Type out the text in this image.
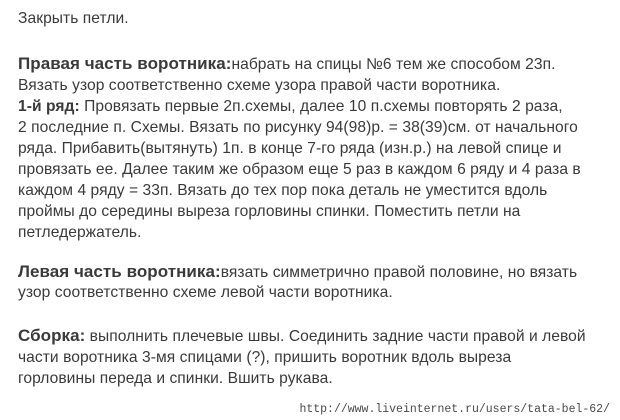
Закрыть петли.
Правая часть воротника:набрать на спицы №6 тем же способом 23п.
Вязать узор соответственно схеме узора правой части воротника.
1-й ряд: Провязать первые 2п.схемы, далее 10 п.схемы повторять 2 раза,
2 последние п. Схемы. Вязать по рисунку 94(98)р. = 38(39)см. от начального
ряда. Прибавить(вытянуть) 1п. в конце 7-го ряда (изн.р.) на левой спице и
провязать ее. Далее таким же образом еще 5 раз в каждом 6 ряду и 4 раза в
каждом 4 ряду = 33п. Вязать до тех пор пока деталь не уместится вдоль
проймы до середины выреза горловины спинки. Поместить петли на
петледержатель.
Левая часть воротника:вязать симметрично правой половине, но вязать
узор соответственно схеме левой части воротника.
Сборка: выполнить плечевые швы. Соединить задние части правой и левой
части воротника 3-мя спицами (?), пришить воротник вдоль выреза
горловины переда и спинки. Вшить рукава.
http://www.liveinternet.ru/users/tata-bel-62/
